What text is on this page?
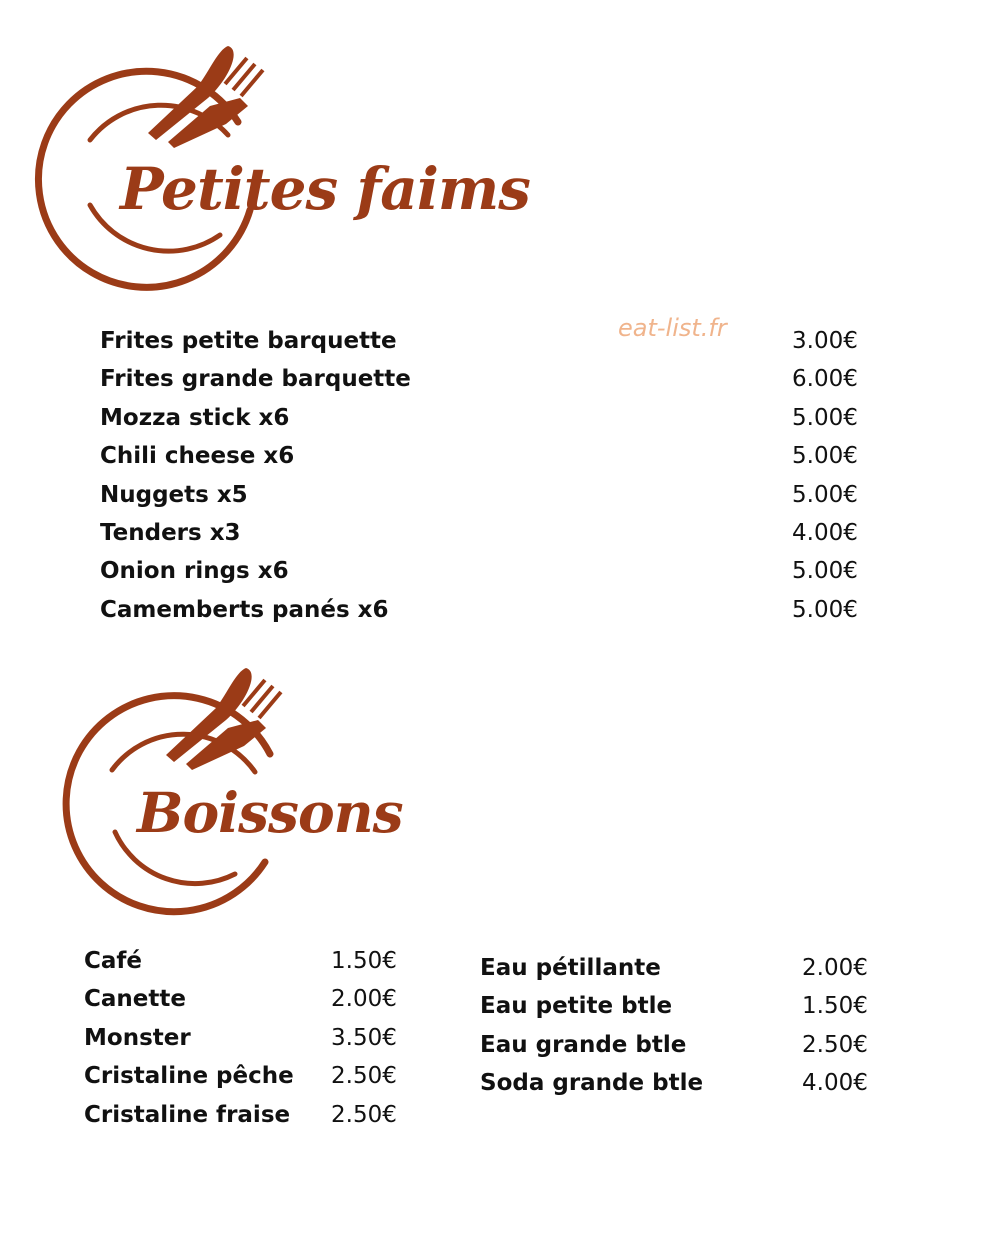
Petites faims
eat-list.fr
Frites petite barquette	3.00€
Frites grande barquette	6.00€
Mozza stick x6	5.00€
Chili cheese x6	5.00€
Nuggets x5	5.00€
Tenders x3	4.00€
Onion rings x6	5.00€
Camemberts panés x6	5.00€
Boissons
Café	1.50€
Canette	2.00€
Monster	3.50€
Cristaline pêche 2.50€
Cristaline fraise 2.50€
Eau pétillante	2.00€
Eau petite btle	1.50€
Eau grande btle	2.50€
Soda grande btle	4.00€
